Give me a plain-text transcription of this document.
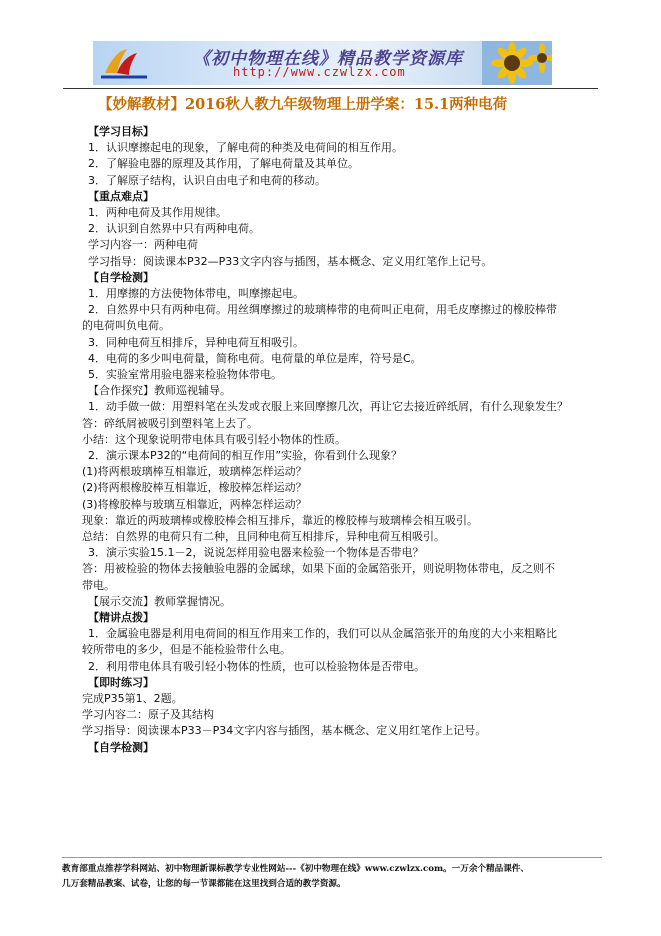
《初中物理在线》精品教学资源库
http://www.czwlzx.com
【妙解教材】2016秋人教九年级物理上册学案：15.1两种电荷
【学习目标】
1．认识摩擦起电的现象，了解电荷的种类及电荷间的相互作用。
2．了解验电器的原理及其作用，了解电荷量及其单位。
3．了解原子结构，认识自由电子和电荷的移动。
【重点难点】
1．两种电荷及其作用规律。
2．认识到自然界中只有两种电荷。
学习内容一：两种电荷
学习指导：阅读课本P32—P33文字内容与插图，基本概念、定义用红笔作上记号。
【自学检测】
1．用摩擦的方法使物体带电，叫摩擦起电。
2．自然界中只有两种电荷。用丝绸摩擦过的玻璃棒带的电荷叫正电荷，用毛皮摩擦过的橡胶棒带
的电荷叫负电荷。
3．同种电荷互相排斥，异种电荷互相吸引。
4．电荷的多少叫电荷量，简称电荷。电荷量的单位是库，符号是C。
5．实验室常用验电器来检验物体带电。
【合作探究】教师巡视辅导。
1．动手做一做：用塑料笔在头发或衣服上来回摩擦几次，再让它去接近碎纸屑，有什么现象发生？
答：碎纸屑被吸引到塑料笔上去了。
小结：这个现象说明带电体具有吸引轻小物体的性质。
2．演示课本P32的“电荷间的相互作用”实验，你看到什么现象？
(1)将两根玻璃棒互相靠近，玻璃棒怎样运动？
(2)将两根橡胶棒互相靠近，橡胶棒怎样运动？
(3)将橡胶棒与玻璃互相靠近，两棒怎样运动？
现象：靠近的两玻璃棒或橡胶棒会相互排斥，靠近的橡胶棒与玻璃棒会相互吸引。
总结：自然界的电荷只有二种，且同种电荷互相排斥，异种电荷互相吸引。
3．演示实验15.1－2，说说怎样用验电器来检验一个物体是否带电？
答：用被检验的物体去接触验电器的金属球，如果下面的金属箔张开，则说明物体带电，反之则不
带电。
【展示交流】教师掌握情况。
【精讲点拨】
1．金属验电器是利用电荷间的相互作用来工作的，我们可以从金属箔张开的角度的大小来粗略比
较所带电的多少，但是不能检验带什么电。
2．利用带电体具有吸引轻小物体的性质，也可以检验物体是否带电。
【即时练习】
完成P35第1、2题。
学习内容二：原子及其结构
学习指导：阅读课本P33－P34文字内容与插图，基本概念、定义用红笔作上记号。
【自学检测】
教育部重点推荐学科网站、初中物理新课标教学专业性网站---《初中物理在线》www.czwlzx.com。一万余个精品课件、
几万套精品教案、试卷，让您的每一节课都能在这里找到合适的教学资源。
